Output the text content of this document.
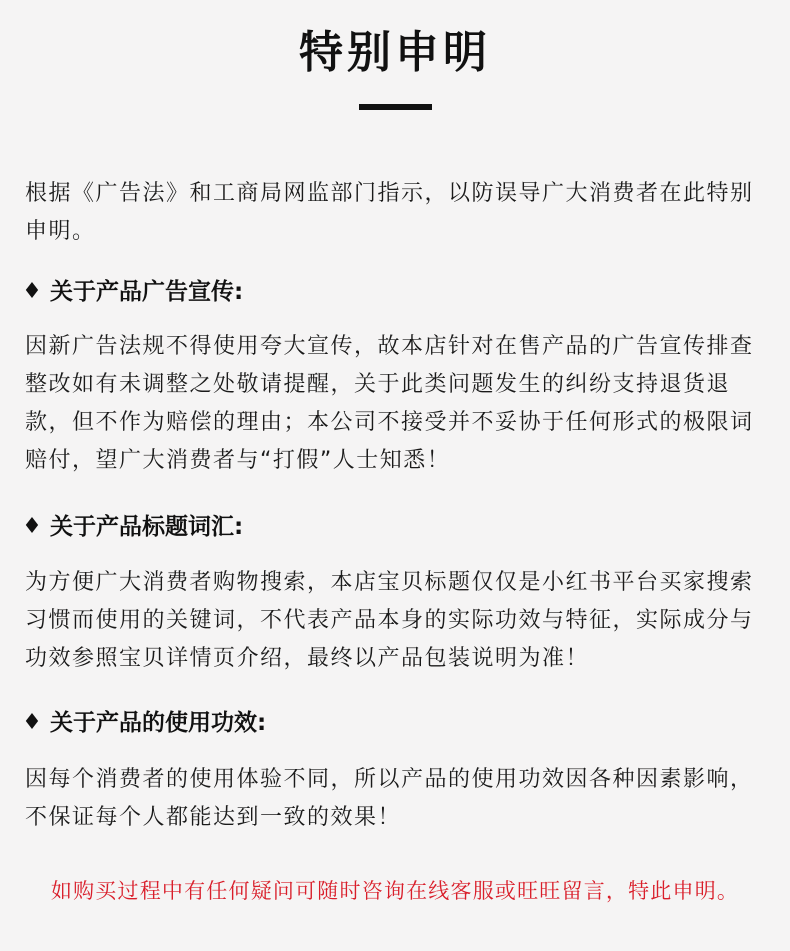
特别申明

根据《广告法》和工商局网监部门指示，以防误导广大消费者在此特别申明。

♦ 关于产品广告宣传:

因新广告法规不得使用夸大宣传，故本店针对在售产品的广告宣传排查整改如有未调整之处敬请提醒，关于此类问题发生的纠纷支持退货退款，但不作为赔偿的理由；本公司不接受并不妥协于任何形式的极限词赔付，望广大消费者与“打假”人士知悉！

♦ 关于产品标题词汇:

为方便广大消费者购物搜索，本店宝贝标题仅仅是小红书平台买家搜索习惯而使用的关键词，不代表产品本身的实际功效与特征，实际成分与功效参照宝贝详情页介绍，最终以产品包装说明为准！

♦ 关于产品的使用功效:

因每个消费者的使用体验不同，所以产品的使用功效因各种因素影响，不保证每个人都能达到一致的效果！

如购买过程中有任何疑问可随时咨询在线客服或旺旺留言，特此申明。
